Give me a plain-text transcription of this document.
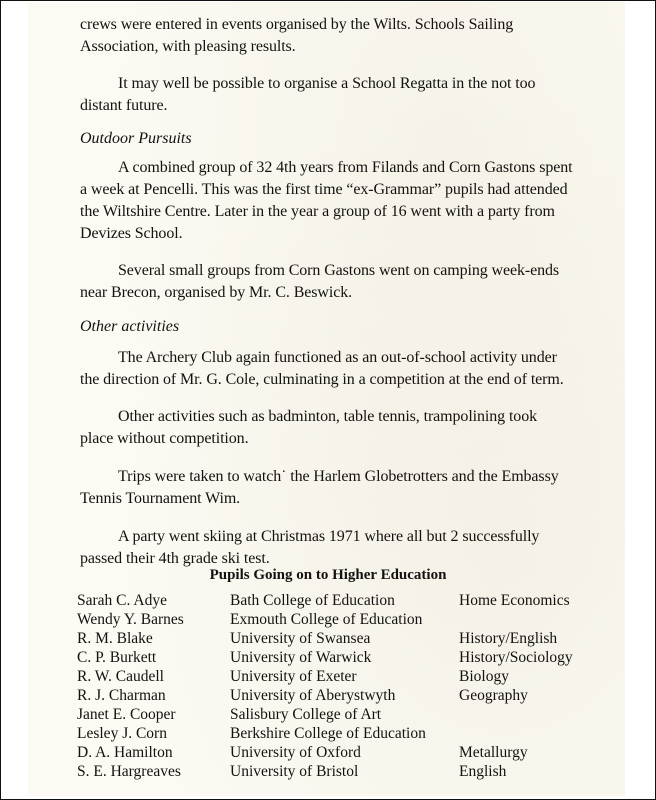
crews were entered in events organised by the Wilts. Schools Sailing
Association, with pleasing results.
It may well be possible to organise a School Regatta in the not too
distant future.
Outdoor Pursuits
A combined group of 32 4th years from Filands and Corn Gastons spent
a week at Pencelli. This was the first time “ex-Grammar” pupils had attended
the Wiltshire Centre. Later in the year a group of 16 went with a party from
Devizes School.
Several small groups from Corn Gastons went on camping week-ends
near Brecon, organised by Mr. C. Beswick.
Other activities
The Archery Club again functioned as an out-of-school activity under
the direction of Mr. G. Cole, culminating in a competition at the end of term.
Other activities such as badminton, table tennis, trampolining took
place without competition.
Trips were taken to watch˙ the Harlem Globetrotters and the Embassy
Tennis Tournament Wim.
A party went skiing at Christmas 1971 where all but 2 successfully
passed their 4th grade ski test.
Pupils Going on to Higher Education
Sarah C. Adye	Bath College of Education	Home Economics
Wendy Y. Barnes	Exmouth College of Education
R. M. Blake	University of Swansea	History/English
C. P. Burkett	University of Warwick	History/Sociology
R. W. Caudell	University of Exeter	Biology
R. J. Charman	University of Aberystwyth	Geography
Janet E. Cooper	Salisbury College of Art
Lesley J. Corn	Berkshire College of Education
D. A. Hamilton	University of Oxford	Metallurgy
S. E. Hargreaves	University of Bristol	English
